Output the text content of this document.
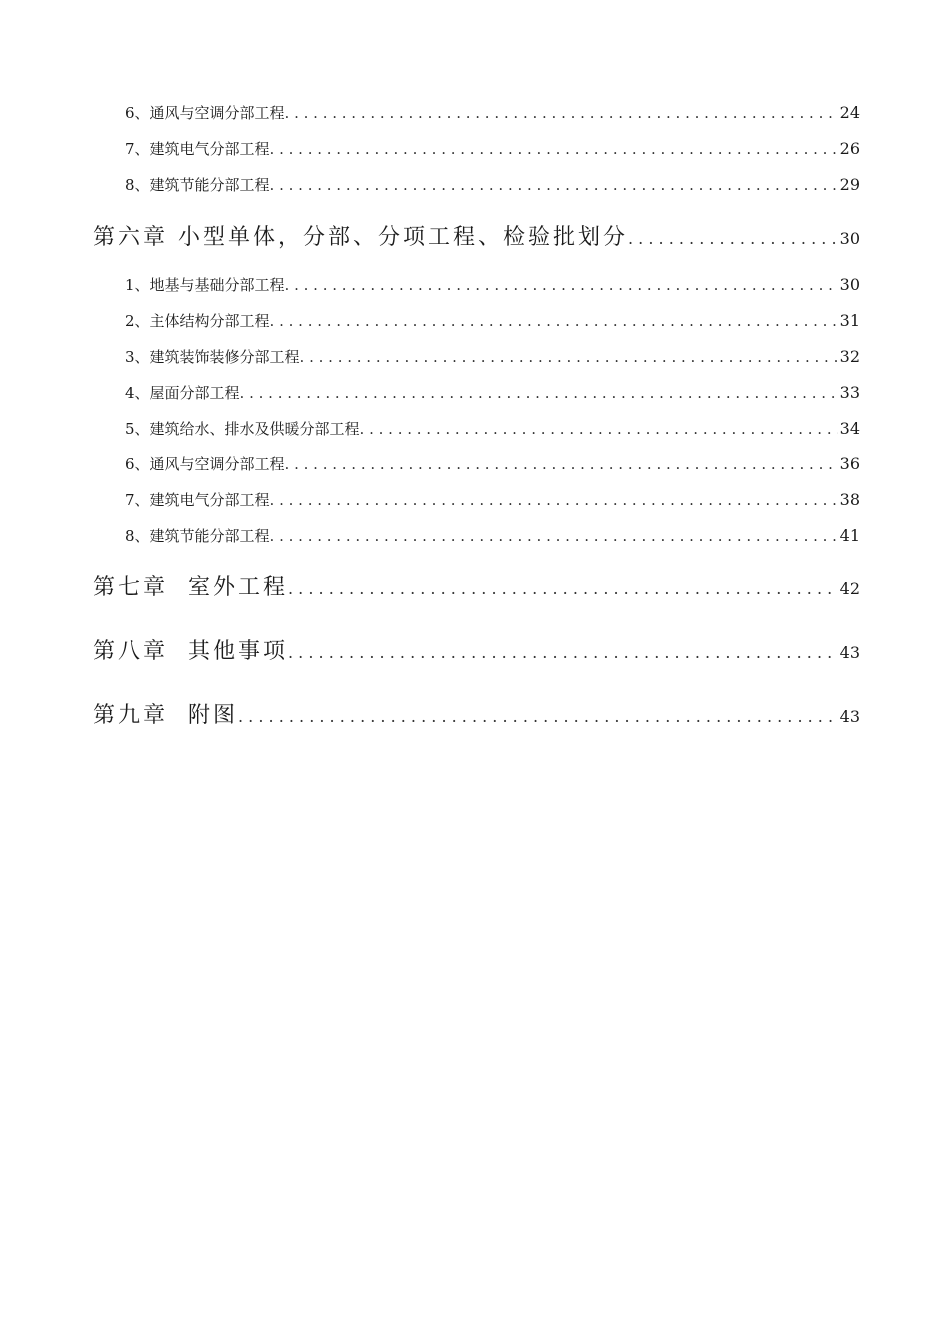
6、通风与空调分部工程 . . .	24
7、建筑电气分部工程 . . .	26
8、建筑节能分部工程 . . .	29
第六章 小型单体，分部、分项工程、检验批划分 . . .	30
1、地基与基础分部工程 . . .	30
2、主体结构分部工程 . . .	31
3、建筑装饰装修分部工程 . . .	32
4、屋面分部工程 . . .	33
5、建筑给水、排水及供暖分部工程 . . .	34
6、通风与空调分部工程 . . .	36
7、建筑电气分部工程 . . .	38
8、建筑节能分部工程 . . .	41
第七章  室外工程 . . .	42
第八章  其他事项 . . .	43
第九章  附图 . . .	43
